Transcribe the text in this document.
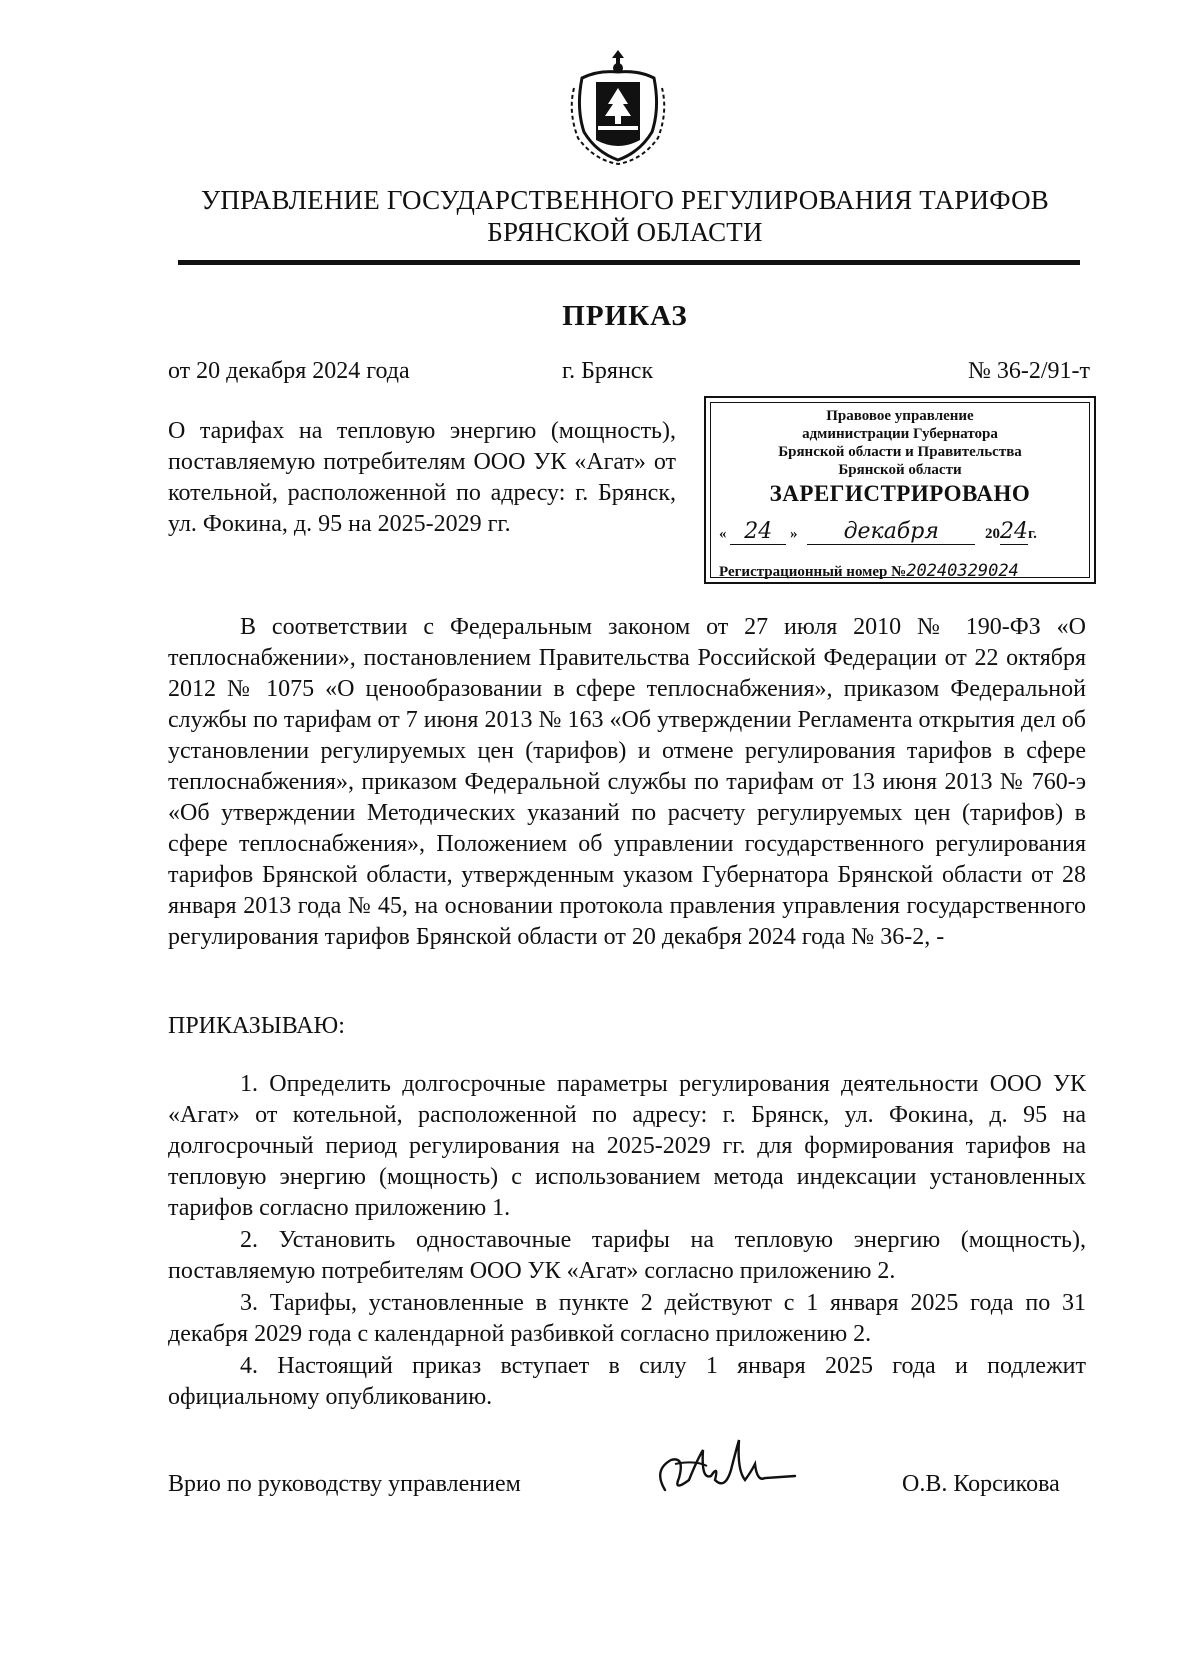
УПРАВЛЕНИЕ ГОСУДАРСТВЕННОГО РЕГУЛИРОВАНИЯ ТАРИФОВ
БРЯНСКОЙ ОБЛАСТИ
ПРИКАЗ
от 20 декабря 2024 года	г. Брянск	№ 36-2/91-т
О тарифах на тепловую энергию (мощность), поставляемую потребителям ООО УК «Агат» от котельной, расположенной по адресу: г. Брянск, ул. Фокина, д. 95 на 2025-2029 гг.
Правовое управление
администрации Губернатора
Брянской области и Правительства
Брянской области
ЗАРЕГИСТРИРОВАНО
« 24 » декабря	2024г.
Регистрационный номер №20240329024
В соответствии с Федеральным законом от 27 июля 2010 № 190-ФЗ «О теплоснабжении», постановлением Правительства Российской Федерации от 22 октября 2012 № 1075 «О ценообразовании в сфере теплоснабжения», приказом Федеральной службы по тарифам от 7 июня 2013 № 163 «Об утверждении Регламента открытия дел об установлении регулируемых цен (тарифов) и отмене регулирования тарифов в сфере теплоснабжения», приказом Федеральной службы по тарифам от 13 июня 2013 № 760-э «Об утверждении Методических указаний по расчету регулируемых цен (тарифов) в сфере теплоснабжения», Положением об управлении государственного регулирования тарифов Брянской области, утвержденным указом Губернатора Брянской области от 28 января 2013 года № 45, на основании протокола правления управления государственного регулирования тарифов Брянской области от 20 декабря 2024 года № 36-2, -
ПРИКАЗЫВАЮ:
1. Определить долгосрочные параметры регулирования деятельности ООО УК «Агат» от котельной, расположенной по адресу: г. Брянск, ул. Фокина, д. 95 на долгосрочный период регулирования на 2025-2029 гг. для формирования тарифов на тепловую энергию (мощность) с использованием метода индексации установленных тарифов согласно приложению 1.
2. Установить одноставочные тарифы на тепловую энергию (мощность), поставляемую потребителям ООО УК «Агат» согласно приложению 2.
3. Тарифы, установленные в пункте 2 действуют с 1 января 2025 года по 31 декабря 2029 года с календарной разбивкой согласно приложению 2.
4. Настоящий приказ вступает в силу 1 января 2025 года и подлежит официальному опубликованию.
Врио по руководству управлением	О.В. Корсикова
